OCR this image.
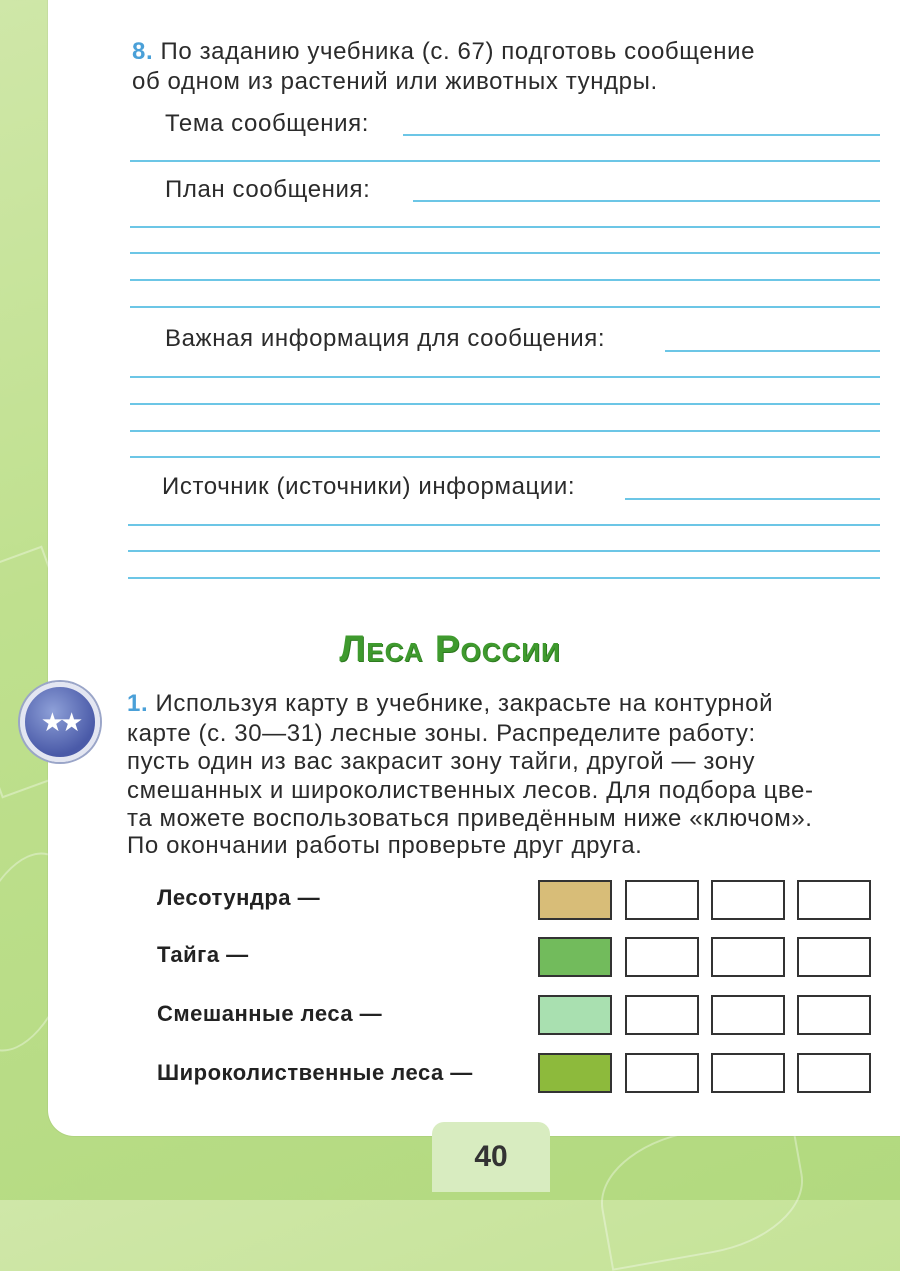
8. По заданию учебника (с. 67) подготовь сообщение
об одном из растений или животных тундры.
Тема сообщения:
План сообщения:
Важная информация для сообщения:
Источник (источники) информации:
Леса России
★★
1. Используя карту в учебнике, закрасьте на контурной
карте (с. 30—31) лесные зоны. Распределите работу:
пусть один из вас закрасит зону тайги, другой — зону
смешанных и широколиственных лесов. Для подбора цве-
та можете воспользоваться приведённым ниже «ключом».
По окончании работы проверьте друг друга.
Лесотундра —
Тайга —
Смешанные леса —
Широколиственные леса —
40
